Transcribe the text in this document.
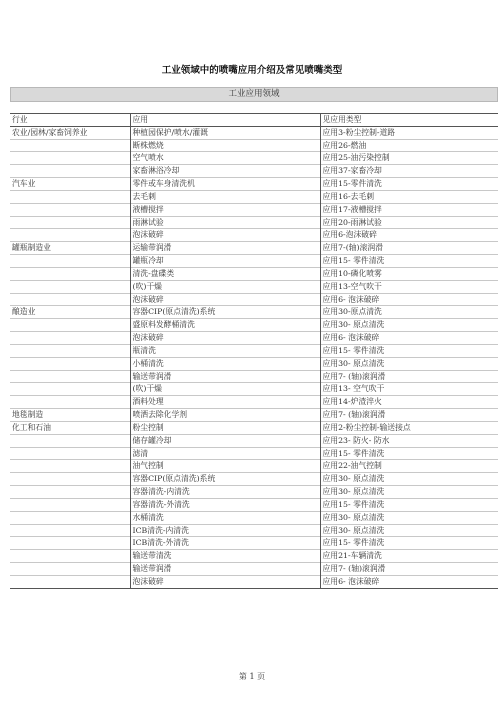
工业领域中的喷嘴应用介绍及常见喷嘴类型
工业应用领域
行业	应用	见应用类型
农业/园林/家畜饲养业	种植园保护/喷水/灌溉	应用3-粉尘控制-道路
	断株燃烧	应用26-燃油
	空气喷水	应用25-油污染控制
	家畜淋浴冷却	应用37-家畜冷却
汽车业	零件或车身清洗机	应用15-零件清洗
	去毛刺	应用16-去毛刺
	液槽搅拌	应用17-液槽搅拌
	雨淋试验	应用20-雨淋试验
	泡沫破碎	应用6-泡沫破碎
罐瓶制造业	运输带润滑	应用7-(轴)滚润滑
	罐瓶冷却	应用15- 零件清洗
	清洗-盘碟类	应用10-磷化喷雾
	(吹)干燥	应用13-空气吹干
	泡沫破碎	应用6- 泡沫破碎
酿造业	容器CIP(原点清洗)系统	应用30-原点清洗
	盛原料发酵桶清洗	应用30- 原点清洗
	泡沫破碎	应用6- 泡沫破碎
	瓶清洗	应用15- 零件清洗
	小桶清洗	应用30- 原点清洗
	输送带润滑	应用7- (轴)滚润滑
	(吹)干燥	应用13- 空气吹干
	酒料处理	应用14-炉渣淬火
地毯制造	喷洒去除化学剂	应用7- (轴)滚润滑
化工和石油	粉尘控制	应用2-粉尘控制-输送接点
	储存罐冷却	应用23- 防火- 防水
	滤清	应用15- 零件清洗
	油气控制	应用22-油气控制
	容器CIP(原点清洗)系统	应用30- 原点清洗
	容器清洗-内清洗	应用30- 原点清洗
	容器清洗-外清洗	应用15- 零件清洗
	水桶清洗	应用30- 原点清洗
	ICB清洗-内清洗	应用30- 原点清洗
	ICB清洗-外清洗	应用15- 零件清洗
	输送带清洗	应用21-车辆清洗
	输送带润滑	应用7- (轴)滚润滑
	泡沫破碎	应用6- 泡沫破碎
第 1 页
